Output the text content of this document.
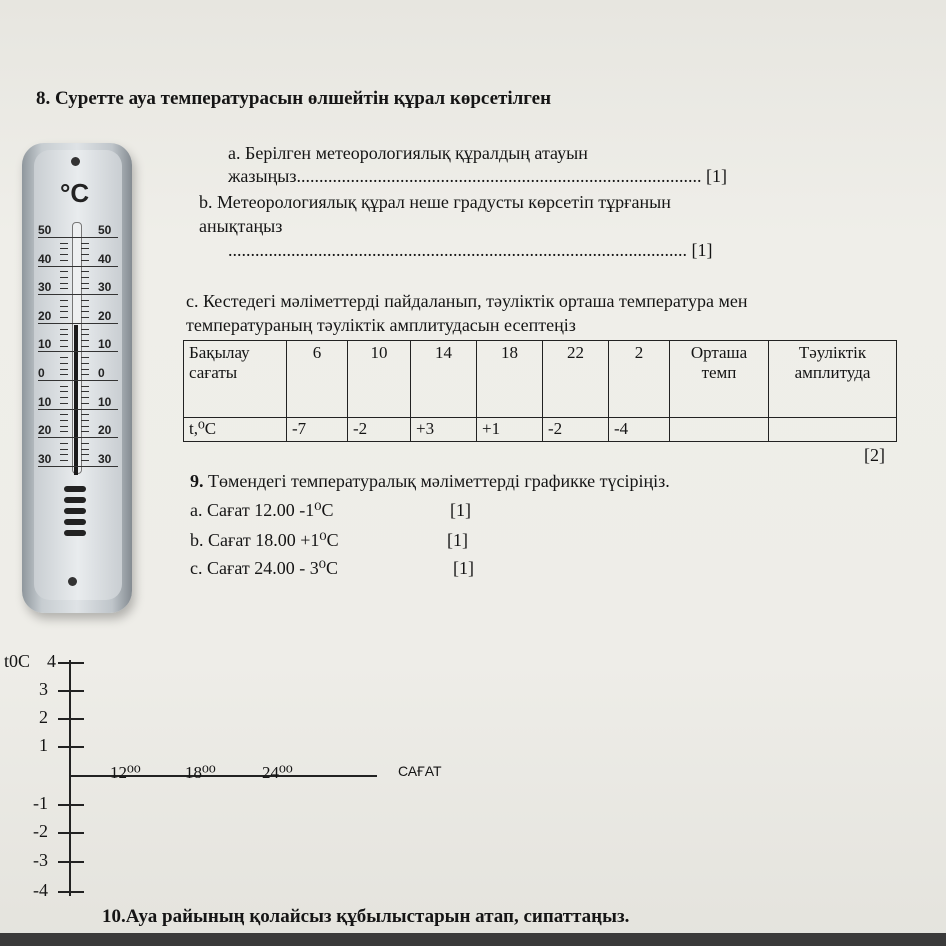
8. Суретте ауа температурасын өлшейтін құрал көрсетілген
a. Берілген метеорологиялық құралдың атауын
жазыңыз.......................................................................................... [1]
b. Метеорологиялық құрал неше градусты көрсетіп тұрғанын
анықтаңыз
...................................................................................................... [1]
c. Кестедегі мәліметтерді пайдаланып, тәуліктік орташа температура мен
температураның тәуліктік амплитудасын есептеңіз
°C
50	50
40	40
30	30
20	20
10	10
0	0
10	10
20	20
30	30
Бақылау сағаты	6	10	14	18	22	2	Орташа темп	Тәуліктік амплитуда
t,⁰C	-7	-2	+3	+1	-2	-4		
[2]
9. Төмендегі температуралық мәліметтерді графикке түсіріңіз.
a. Сағат 12.00 -1⁰C	[1]
b. Сағат 18.00 +1⁰C	[1]
c. Сағат 24.00 - 3⁰C	[1]
t0C 4
3
2
1
-1
-2
-3
-4
12⁰⁰	18⁰⁰	24⁰⁰	САҒАТ
10.Ауа райының қолайсыз құбылыстарын атап, сипаттаңыз.
